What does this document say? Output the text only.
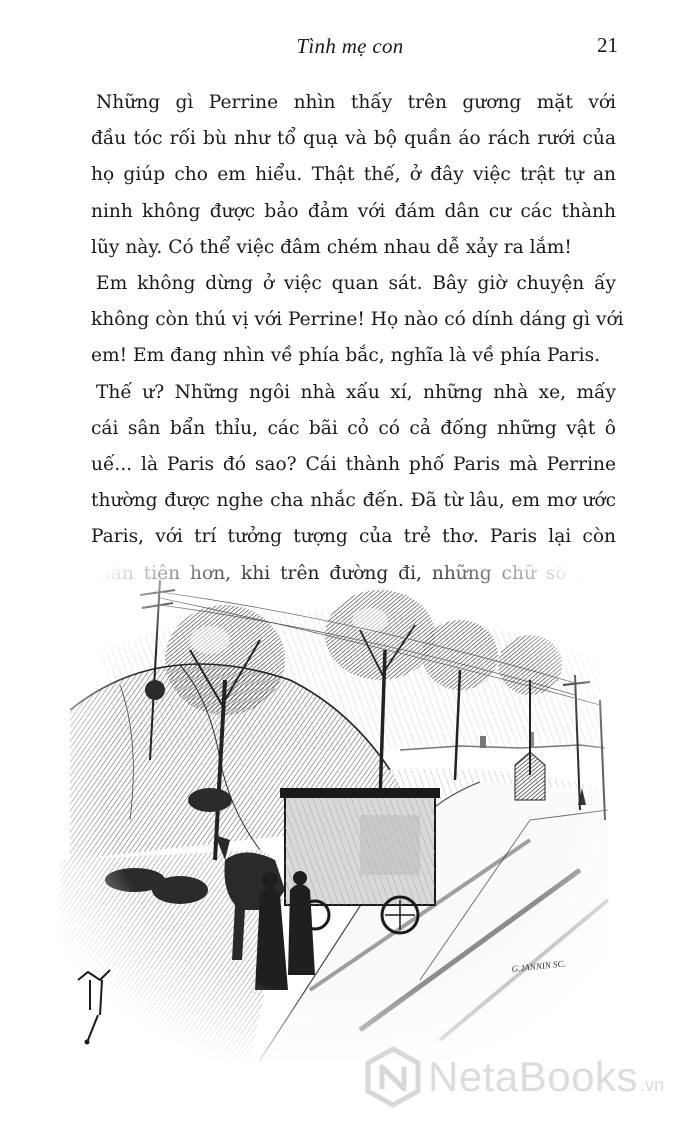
Tình mẹ con	21

Những gì Perrine nhìn thấy trên gương mặt với
đầu tóc rối bù như tổ quạ và bộ quần áo rách rưới của
họ giúp cho em hiểu. Thật thế, ở đây việc trật tự an
ninh không được bảo đảm với đám dân cư các thành
lũy này. Có thể việc đâm chém nhau dễ xảy ra lắm!

Em không dừng ở việc quan sát. Bây giờ chuyện ấy
không còn thú vị với Perrine! Họ nào có dính dáng gì với
em! Em đang nhìn về phía bắc, nghĩa là về phía Paris.

Thế ư? Những ngôi nhà xấu xí, những nhà xe, mấy
cái sân bẩn thỉu, các bãi cỏ có cả đống những vật ô
uế... là Paris đó sao? Cái thành phố Paris mà Perrine
thường được nghe cha nhắc đến. Đã từ lâu, em mơ ước
Paris, với trí tưởng tượng của trẻ thơ. Paris lại còn

G.JANNIN SC.
NetaBooks .vn
